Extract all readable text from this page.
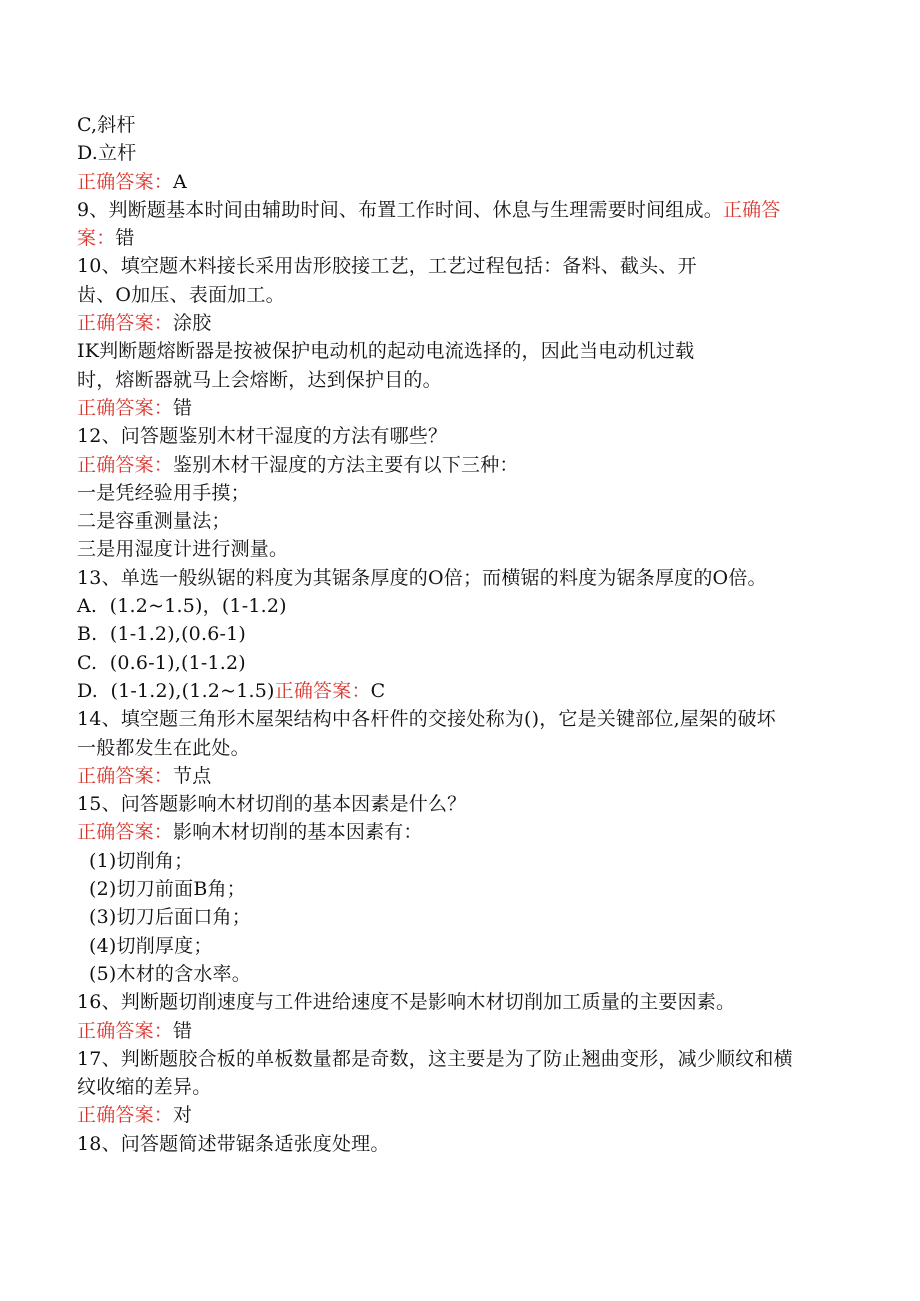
C,斜杆
D.立杆
正确答案：A
9、判断题基本时间由辅助时间、布置工作时间、休息与生理需要时间组成。正确答
案：错
10、填空题木料接长采用齿形胶接工艺，工艺过程包括：备料、截头、开
齿、O加压、表面加工。
正确答案：涂胶
IK判断题熔断器是按被保护电动机的起动电流选择的，因此当电动机过载
时，熔断器就马上会熔断，达到保护目的。
正确答案：错
12、问答题鉴别木材干湿度的方法有哪些？
正确答案：鉴别木材干湿度的方法主要有以下三种：
一是凭经验用手摸；
二是容重测量法；
三是用湿度计进行测量。
13、单选一般纵锯的料度为其锯条厚度的O倍；而横锯的料度为锯条厚度的O倍。
A.  (1.2~1.5)，(1-1.2)
B.  (1-1.2),(0.6-1)
C.  (0.6-1),(1-1.2)
D.  (1-1.2),(1.2~1.5)正确答案：C
14、填空题三角形木屋架结构中各杆件的交接处称为()，它是关键部位,屋架的破坏
一般都发生在此处。
正确答案：节点
15、问答题影响木材切削的基本因素是什么？
正确答案：影响木材切削的基本因素有：
(1)切削角；
(2)切刀前面B角；
(3)切刀后面口角；
(4)切削厚度；
(5)木材的含水率。
16、判断题切削速度与工件进给速度不是影响木材切削加工质量的主要因素。
正确答案：错
17、判断题胶合板的单板数量都是奇数，这主要是为了防止翘曲变形，减少顺纹和横
纹收缩的差异。
正确答案：对
18、问答题简述带锯条适张度处理。
